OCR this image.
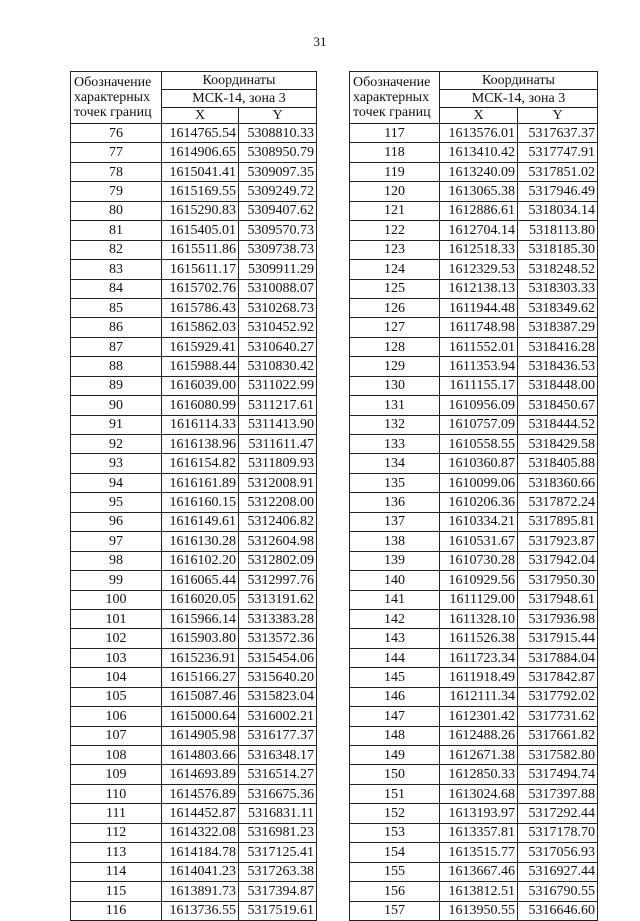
31
Обозначение
характерных
точек границ	Координаты	
	МСК-14, зона 3	
	X	Y
76	1614765.54	5308810.33
77	1614906.65	5308950.79
78	1615041.41	5309097.35
79	1615169.55	5309249.72
80	1615290.83	5309407.62
81	1615405.01	5309570.73
82	1615511.86	5309738.73
83	1615611.17	5309911.29
84	1615702.76	5310088.07
85	1615786.43	5310268.73
86	1615862.03	5310452.92
87	1615929.41	5310640.27
88	1615988.44	5310830.42
89	1616039.00	5311022.99
90	1616080.99	5311217.61
91	1616114.33	5311413.90
92	1616138.96	5311611.47
93	1616154.82	5311809.93
94	1616161.89	5312008.91
95	1616160.15	5312208.00
96	1616149.61	5312406.82
97	1616130.28	5312604.98
98	1616102.20	5312802.09
99	1616065.44	5312997.76
100	1616020.05	5313191.62
101	1615966.14	5313383.28
102	1615903.80	5313572.36
103	1615236.91	5315454.06
104	1615166.27	5315640.20
105	1615087.46	5315823.04
106	1615000.64	5316002.21
107	1614905.98	5316177.37
108	1614803.66	5316348.17
109	1614693.89	5316514.27
110	1614576.89	5316675.36
111	1614452.87	5316831.11
112	1614322.08	5316981.23
113	1614184.78	5317125.41
114	1614041.23	5317263.38
115	1613891.73	5317394.87
116	1613736.55	5317519.61
Обозначение
характерных
точек границ	Координаты	
	МСК-14, зона 3	
	X	Y
117	1613576.01	5317637.37
118	1613410.42	5317747.91
119	1613240.09	5317851.02
120	1613065.38	5317946.49
121	1612886.61	5318034.14
122	1612704.14	5318113.80
123	1612518.33	5318185.30
124	1612329.53	5318248.52
125	1612138.13	5318303.33
126	1611944.48	5318349.62
127	1611748.98	5318387.29
128	1611552.01	5318416.28
129	1611353.94	5318436.53
130	1611155.17	5318448.00
131	1610956.09	5318450.67
132	1610757.09	5318444.52
133	1610558.55	5318429.58
134	1610360.87	5318405.88
135	1610099.06	5318360.66
136	1610206.36	5317872.24
137	1610334.21	5317895.81
138	1610531.67	5317923.87
139	1610730.28	5317942.04
140	1610929.56	5317950.30
141	1611129.00	5317948.61
142	1611328.10	5317936.98
143	1611526.38	5317915.44
144	1611723.34	5317884.04
145	1611918.49	5317842.87
146	1612111.34	5317792.02
147	1612301.42	5317731.62
148	1612488.26	5317661.82
149	1612671.38	5317582.80
150	1612850.33	5317494.74
151	1613024.68	5317397.88
152	1613193.97	5317292.44
153	1613357.81	5317178.70
154	1613515.77	5317056.93
155	1613667.46	5316927.44
156	1613812.51	5316790.55
157	1613950.55	5316646.60
